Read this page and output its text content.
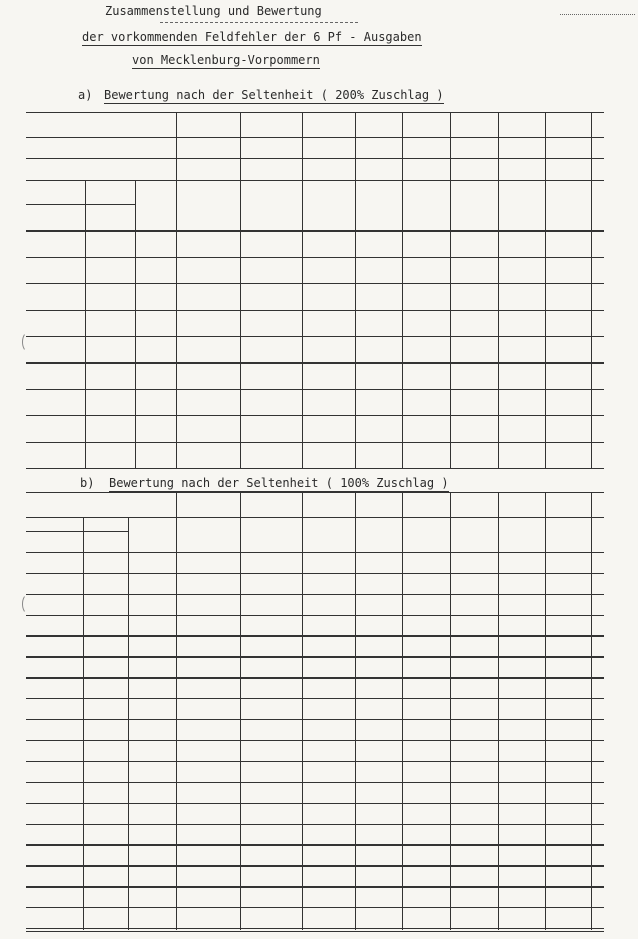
Zusammenstellung und Bewertung
der vorkommenden Feldfehler der 6 Pf - Ausgaben
von Mecklenburg-Vorpommern
a) Bewertung nach der Seltenheit ( 200% Zuschlag )
b) Bewertung nach der Seltenheit ( 100% Zuschlag )
